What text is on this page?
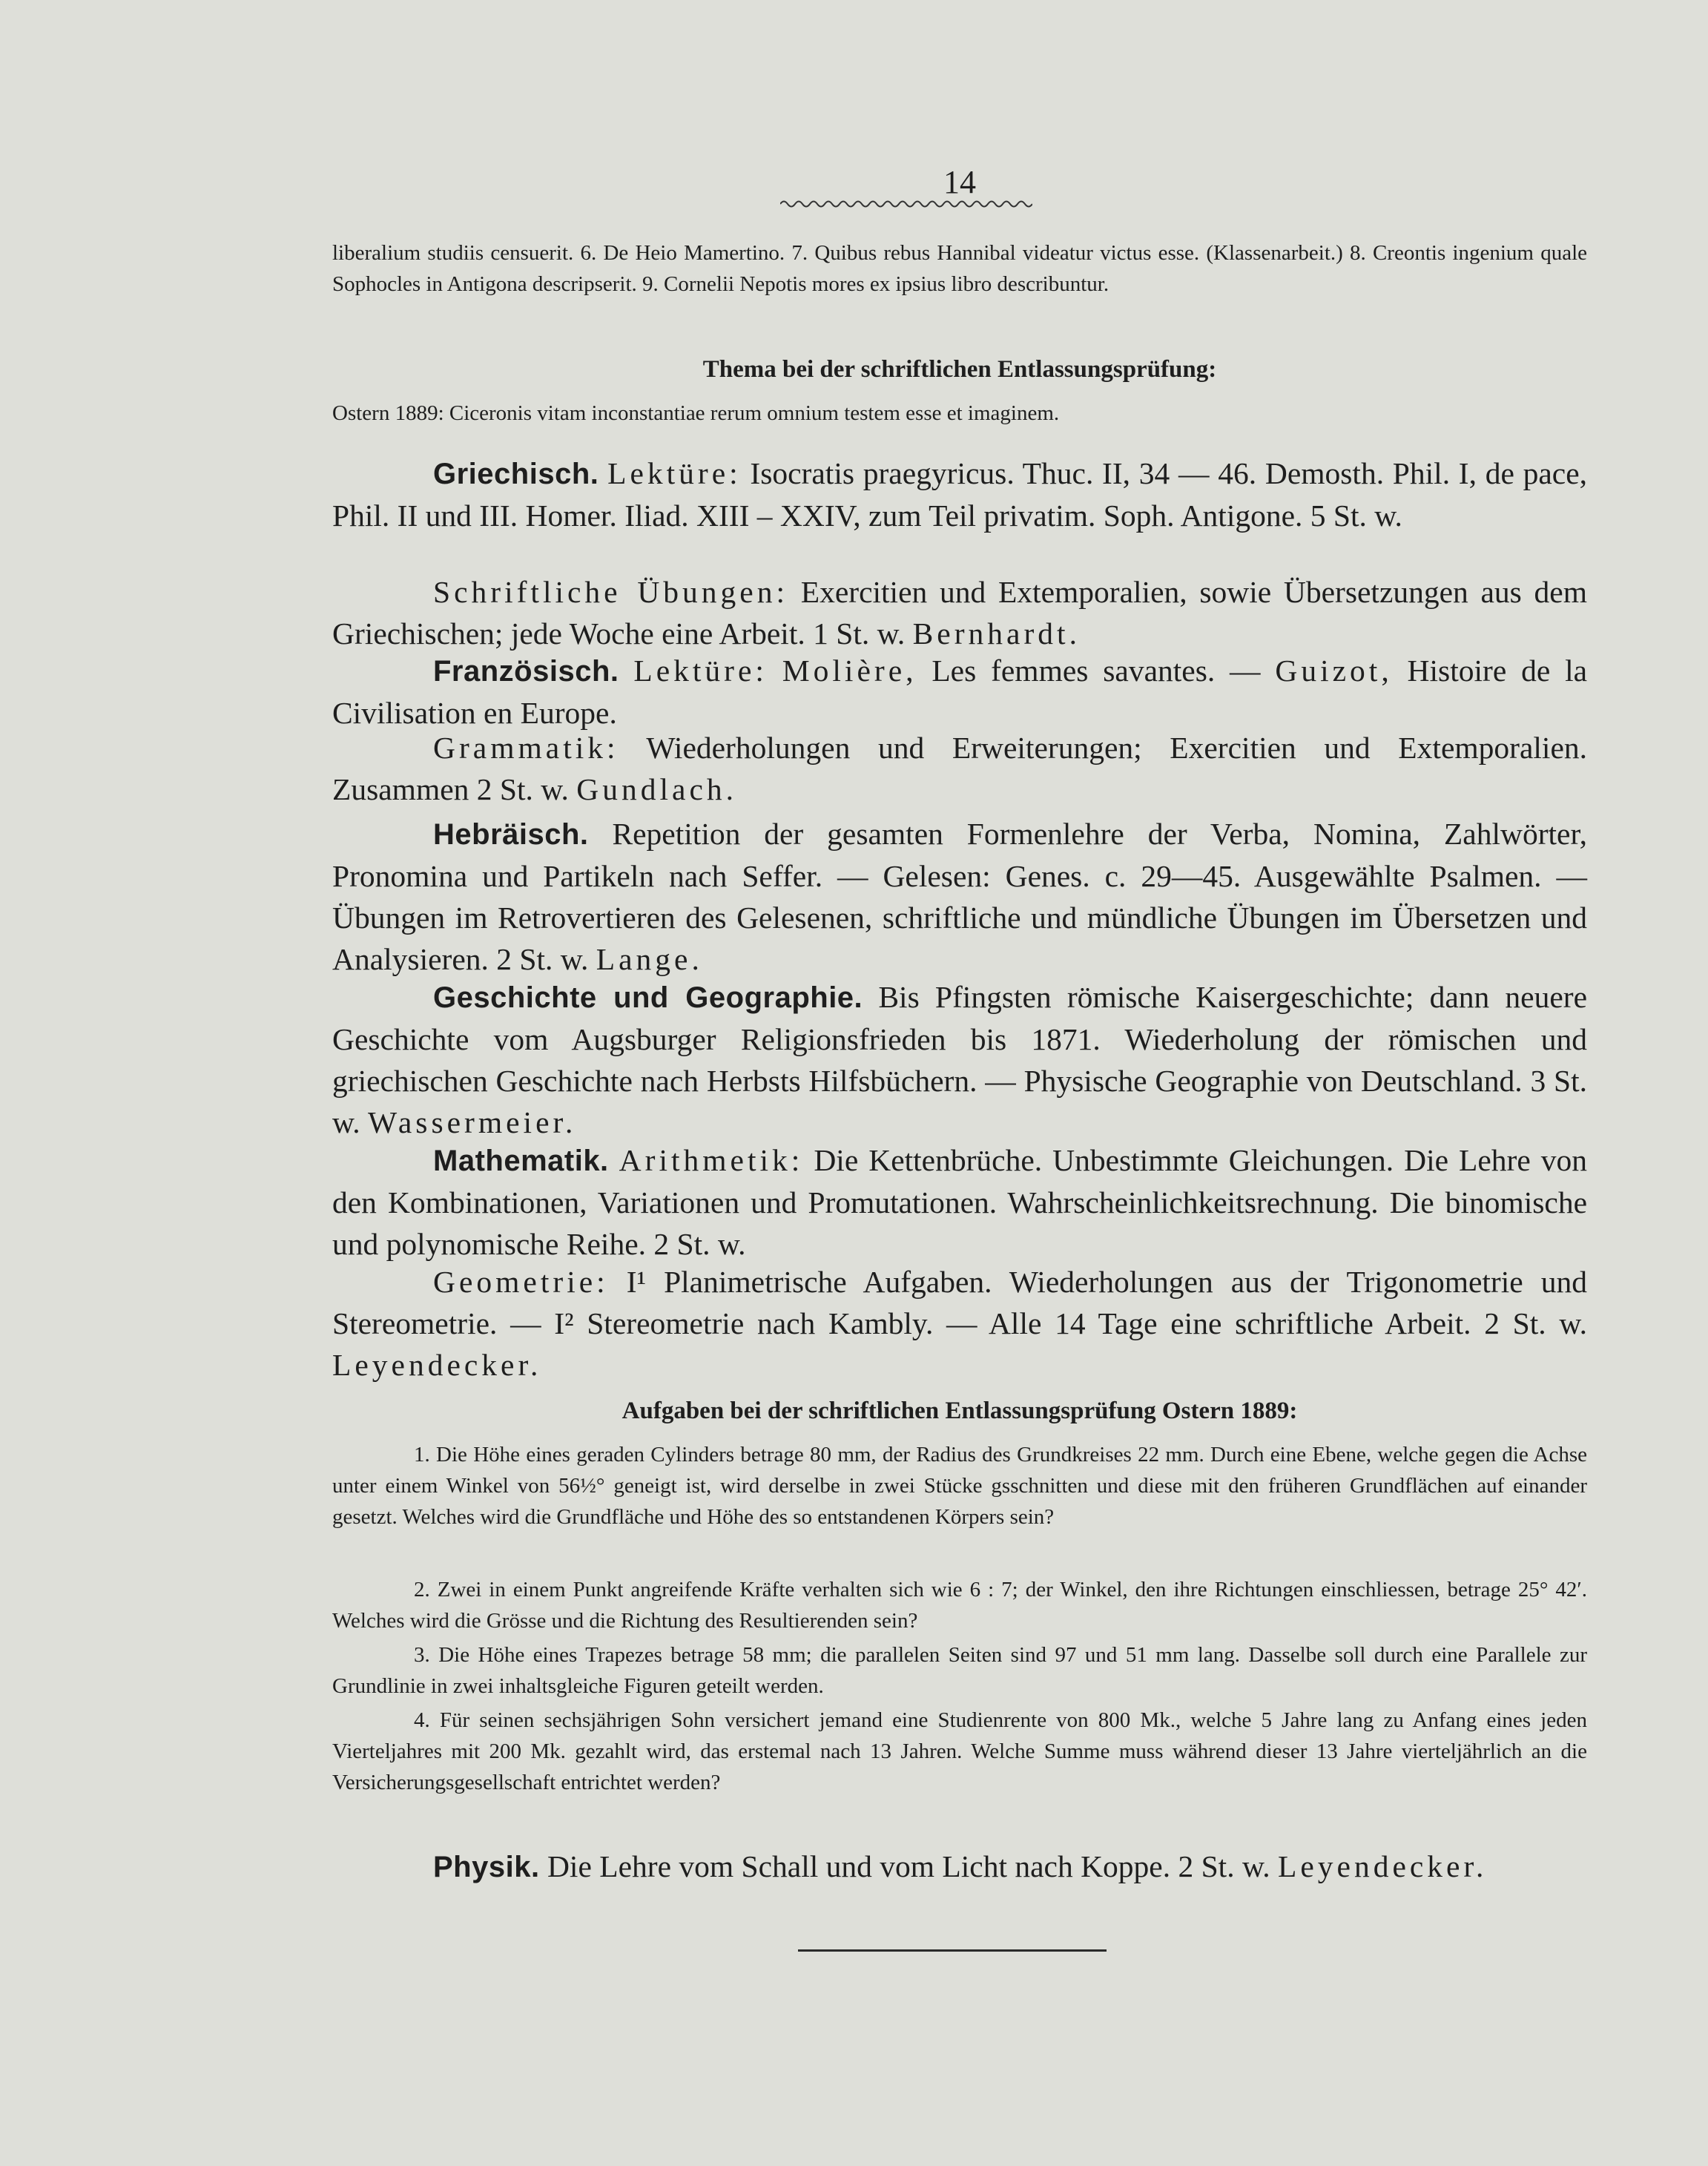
14
liberalium studiis censuerit. 6. De Heio Mamertino. 7. Quibus rebus Hannibal videatur victus esse. (Klassenarbeit.) 8. Creontis ingenium quale Sophocles in Antigona descripserit. 9. Cornelii Nepotis mores ex ipsius libro describuntur.
Thema bei der schriftlichen Entlassungsprüfung:
Ostern 1889: Ciceronis vitam inconstantiae rerum omnium testem esse et imaginem.
Griechisch. Lektüre: Isocratis praegyricus. Thuc. II, 34 — 46. Demosth. Phil. I, de pace, Phil. II und III. Homer. Iliad. XIII – XXIV, zum Teil privatim. Soph. Antigone. 5 St. w.
Schriftliche Übungen: Exercitien und Extemporalien, sowie Übersetzungen aus dem Griechischen; jede Woche eine Arbeit. 1 St. w. Bernhardt.
Französisch. Lektüre: Molière, Les femmes savantes. — Guizot, Histoire de la Civilisation en Europe.
Grammatik: Wiederholungen und Erweiterungen; Exercitien und Extemporalien. Zusammen 2 St. w. Gundlach.
Hebräisch. Repetition der gesamten Formenlehre der Verba, Nomina, Zahlwörter, Pronomina und Partikeln nach Seffer. — Gelesen: Genes. c. 29—45. Ausgewählte Psalmen. — Übungen im Retrovertieren des Gelesenen, schriftliche und mündliche Übungen im Übersetzen und Analysieren. 2 St. w. Lange.
Geschichte und Geographie. Bis Pfingsten römische Kaisergeschichte; dann neuere Geschichte vom Augsburger Religionsfrieden bis 1871. Wiederholung der römischen und griechischen Geschichte nach Herbsts Hilfsbüchern. — Physische Geographie von Deutschland. 3 St. w. Wassermeier.
Mathematik. Arithmetik: Die Kettenbrüche. Unbestimmte Gleichungen. Die Lehre von den Kombinationen, Variationen und Promutationen. Wahrscheinlichkeitsrechnung. Die binomische und polynomische Reihe. 2 St. w.
Geometrie: I¹ Planimetrische Aufgaben. Wiederholungen aus der Trigonometrie und Stereometrie. — I² Stereometrie nach Kambly. — Alle 14 Tage eine schriftliche Arbeit. 2 St. w. Leyendecker.
Aufgaben bei der schriftlichen Entlassungsprüfung Ostern 1889:
1. Die Höhe eines geraden Cylinders betrage 80 mm, der Radius des Grundkreises 22 mm. Durch eine Ebene, welche gegen die Achse unter einem Winkel von 56½° geneigt ist, wird derselbe in zwei Stücke gsschnitten und diese mit den früheren Grundflächen auf einander gesetzt. Welches wird die Grundfläche und Höhe des so entstandenen Körpers sein?
2. Zwei in einem Punkt angreifende Kräfte verhalten sich wie 6 : 7; der Winkel, den ihre Richtungen einschliessen, betrage 25° 42′. Welches wird die Grösse und die Richtung des Resultierenden sein?
3. Die Höhe eines Trapezes betrage 58 mm; die parallelen Seiten sind 97 und 51 mm lang. Dasselbe soll durch eine Parallele zur Grundlinie in zwei inhaltsgleiche Figuren geteilt werden.
4. Für seinen sechsjährigen Sohn versichert jemand eine Studienrente von 800 Mk., welche 5 Jahre lang zu Anfang eines jeden Vierteljahres mit 200 Mk. gezahlt wird, das erstemal nach 13 Jahren. Welche Summe muss während dieser 13 Jahre vierteljährlich an die Versicherungsgesellschaft entrichtet werden?
Physik. Die Lehre vom Schall und vom Licht nach Koppe. 2 St. w. Leyendecker.
